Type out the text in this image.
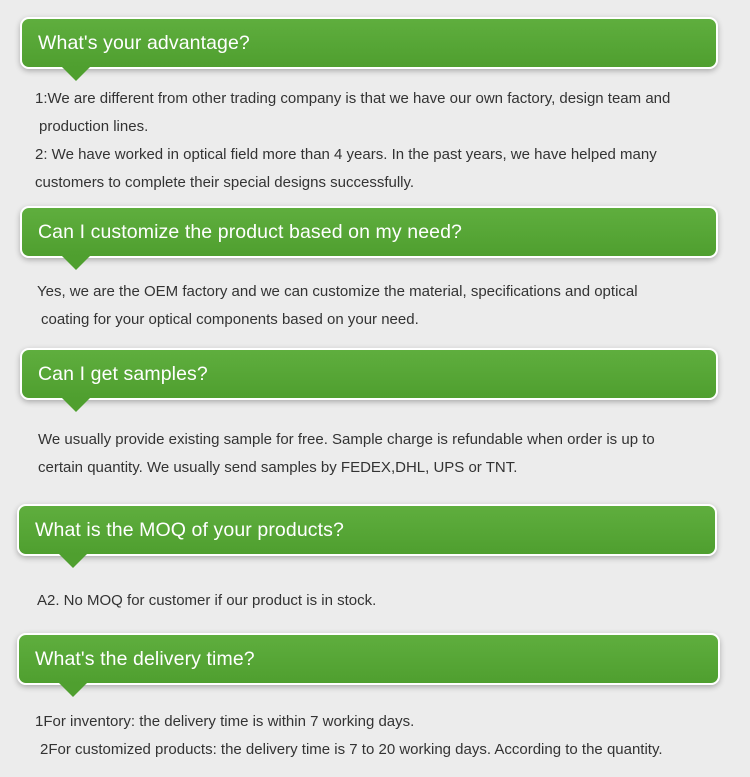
What's your advantage?
1:We are different from other trading company is that we have our own factory, design team and
production lines.
2: We have worked in optical field more than 4 years. In the past years, we have helped many
customers to complete their special designs successfully.
Can I customize the product based on my need?
Yes, we are the OEM factory and we can customize the material, specifications and optical
coating for your optical components based on your need.
Can I get samples?
We usually provide existing sample for free. Sample charge is refundable when order is up to
certain quantity. We usually send samples by FEDEX,DHL, UPS or TNT.
What is the MOQ of your products?
A2. No MOQ for customer if our product is in stock.
What's the delivery time?
1For inventory: the delivery time is within 7 working days.
2For customized products: the delivery time is 7 to 20 working days. According to the quantity.
